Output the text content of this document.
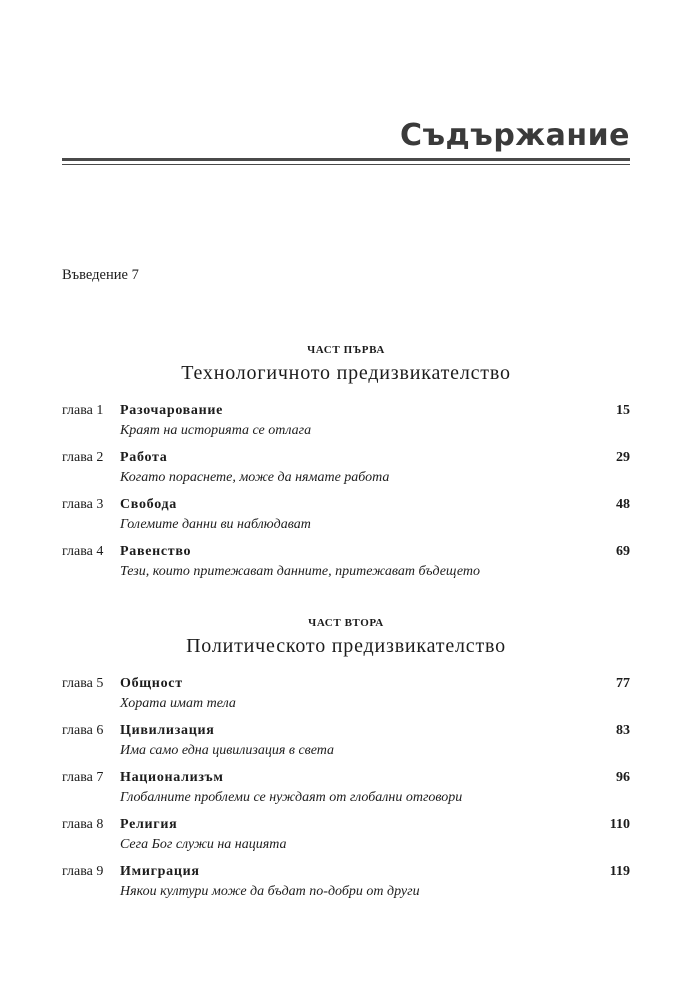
Съдържание
Въведение 7
ЧАСТ ПЪРВА
Технологичното предизвикателство
глава 1 Разочарование	15
Краят на историята се отлага
глава 2 Работа	29
Когато пораснете, може да нямате работа
глава 3 Свобода	48
Големите данни ви наблюдават
глава 4 Равенство	69
Тези, които притежават данните, притежават бъдещето
ЧАСТ ВТОРА
Политическото предизвикателство
глава 5 Общност	77
Хората имат тела
глава 6 Цивилизация	83
Има само една цивилизация в света
глава 7 Национализъм	96
Глобалните проблеми се нуждаят от глобални отговори
глава 8 Религия	110
Сега Бог служи на нацията
глава 9 Имиграция	119
Някои култури може да бъдат по-добри от други
